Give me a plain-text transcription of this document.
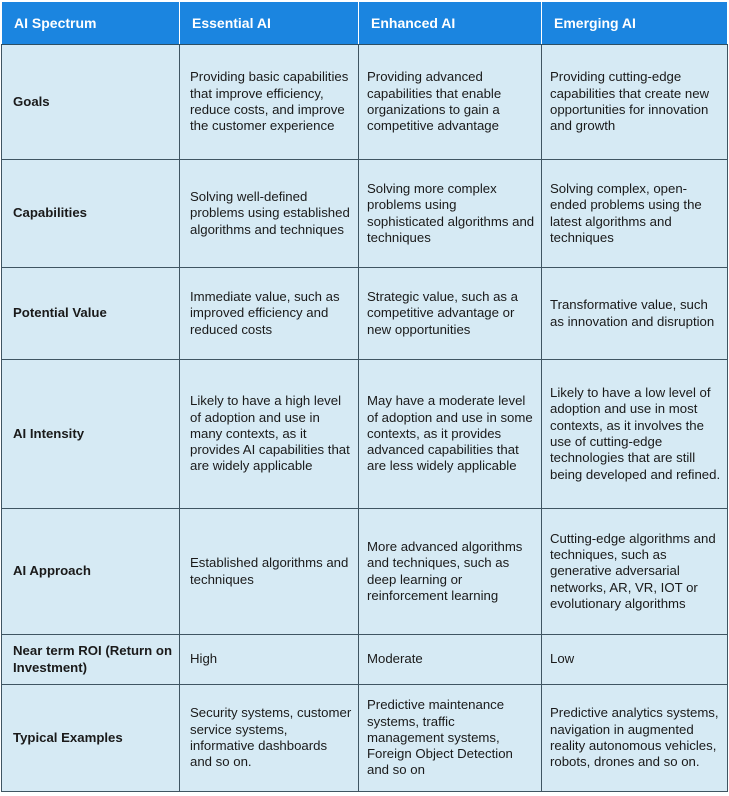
AI Spectrum	Essential AI	Enhanced AI	Emerging AI
Goals	Providing basic capabilities that improve efficiency, reduce costs, and improve the customer experience	Providing advanced capabilities that enable organizations to gain a competitive advantage	Providing cutting-edge capabilities that create new opportunities for innovation and growth
Capabilities	Solving well-defined problems using established algorithms and techniques	Solving more complex problems using sophisticated algorithms and techniques	Solving complex, open-ended problems using the latest algorithms and techniques
Potential Value	Immediate value, such as improved efficiency and reduced costs	Strategic value, such as a competitive advantage or new opportunities	Transformative value, such as innovation and disruption
AI Intensity	Likely to have a high level of adoption and use in many contexts, as it provides AI capabilities that are widely applicable	May have a moderate level of adoption and use in some contexts, as it provides advanced capabilities that are less widely applicable	Likely to have a low level of adoption and use in most contexts, as it involves the use of cutting-edge technologies that are still being developed and refined.
AI Approach	Established algorithms and techniques	More advanced algorithms and techniques, such as deep learning or reinforcement learning	Cutting-edge algorithms and techniques, such as generative adversarial networks, AR, VR, IOT or evolutionary algorithms
Near term ROI (Return on Investment)	High	Moderate	Low
Typical Examples	Security systems, customer service systems, informative dashboards and so on.	Predictive maintenance systems, traffic management systems, Foreign Object Detection and so on	Predictive analytics systems, navigation in augmented reality autonomous vehicles, robots, drones and so on.
